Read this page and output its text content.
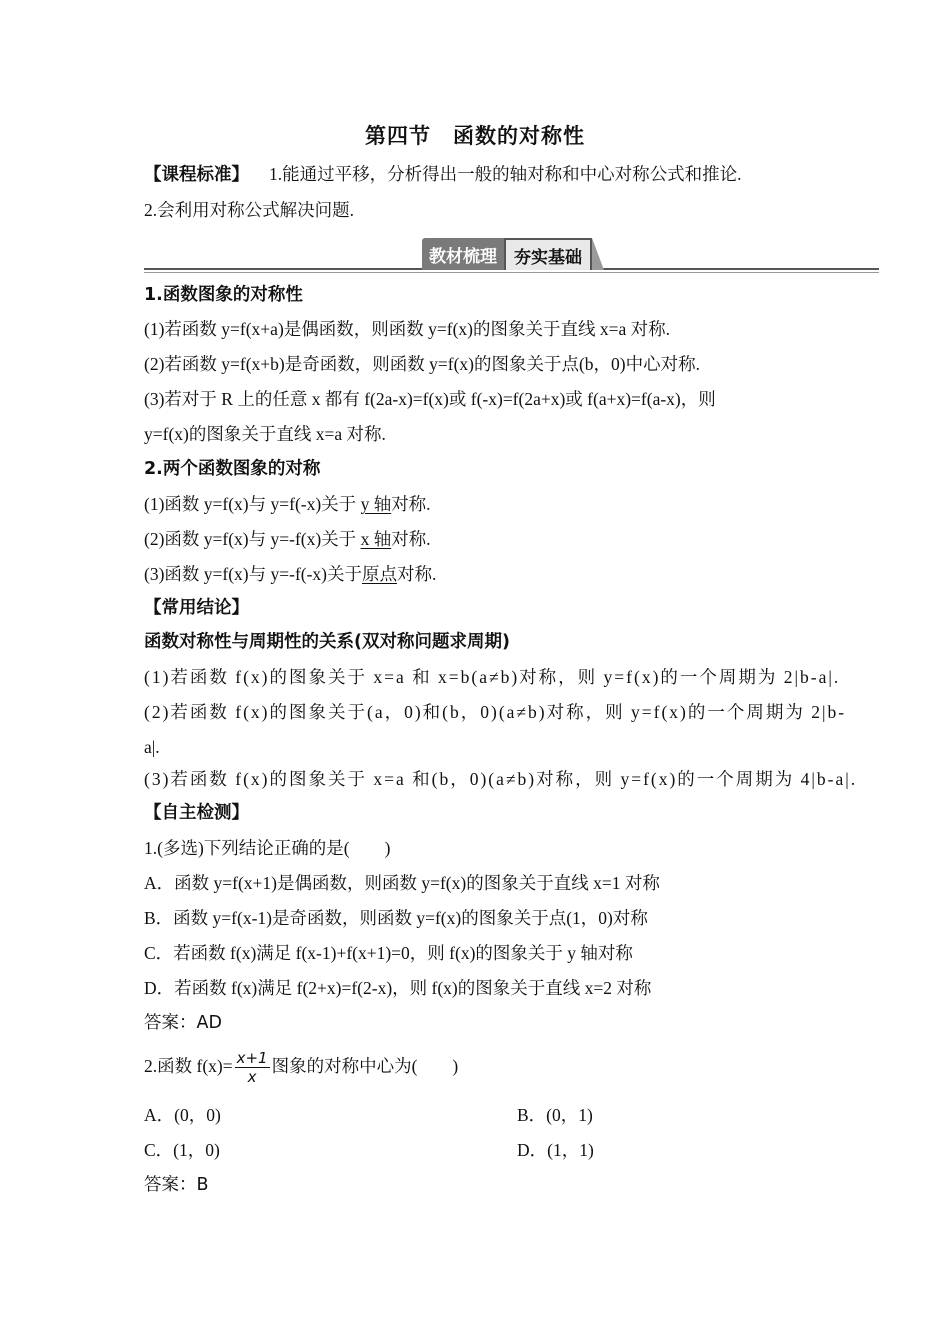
第四节　函数的对称性
【课程标准】 1.能通过平移，分析得出一般的轴对称和中心对称公式和推论.
2.会利用对称公式解决问题.
教材梳理	夯实基础
1.函数图象的对称性
(1)若函数 y=f(x+a)是偶函数，则函数 y=f(x)的图象关于直线 x=a 对称.
(2)若函数 y=f(x+b)是奇函数，则函数 y=f(x)的图象关于点(b，0)中心对称.
(3)若对于 R 上的任意 x 都有 f(2a-x)=f(x)或 f(-x)=f(2a+x)或 f(a+x)=f(a-x)，则
y=f(x)的图象关于直线 x=a 对称.
2.两个函数图象的对称
(1)函数 y=f(x)与 y=f(-x)关于 y 轴对称.
(2)函数 y=f(x)与 y=-f(x)关于 x 轴对称.
(3)函数 y=f(x)与 y=-f(-x)关于原点对称.
【常用结论】
函数对称性与周期性的关系(双对称问题求周期)
(1)若函数 f(x)的图象关于 x=a 和 x=b(a≠b)对称，则 y=f(x)的一个周期为 2|b-a|.
(2)若函数 f(x)的图象关于(a，0)和(b，0)(a≠b)对称，则 y=f(x)的一个周期为 2|b-
a|.
(3)若函数 f(x)的图象关于 x=a 和(b，0)(a≠b)对称，则 y=f(x)的一个周期为 4|b-a|.
【自主检测】
1.(多选)下列结论正确的是(　　)
A．函数 y=f(x+1)是偶函数，则函数 y=f(x)的图象关于直线 x=1 对称
B．函数 y=f(x-1)是奇函数，则函数 y=f(x)的图象关于点(1，0)对称
C．若函数 f(x)满足 f(x-1)+f(x+1)=0，则 f(x)的图象关于 y 轴对称
D．若函数 f(x)满足 f(2+x)=f(2-x)，则 f(x)的图象关于直线 x=2 对称
答案：AD
2.函数 $f(x)= \frac{x+1}{x}$ 图象的对称中心为(　　)
A．(0，0)	B．(0，1)
C．(1，0)	D．(1，1)
答案：B
